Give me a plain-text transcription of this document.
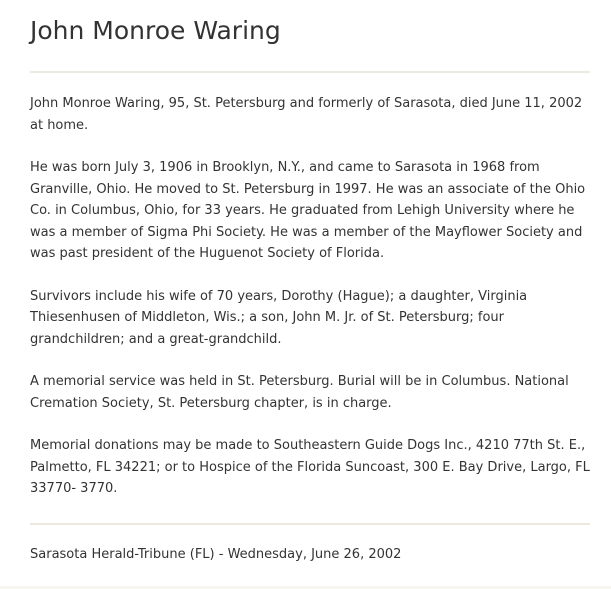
John Monroe Waring

John Monroe Waring, 95, St. Petersburg and formerly of Sarasota, died June 11, 2002 at home.

He was born July 3, 1906 in Brooklyn, N.Y., and came to Sarasota in 1968 from Granville, Ohio. He moved to St. Petersburg in 1997. He was an associate of the Ohio Co. in Columbus, Ohio, for 33 years. He graduated from Lehigh University where he was a member of Sigma Phi Society. He was a member of the Mayflower Society and was past president of the Huguenot Society of Florida.

Survivors include his wife of 70 years, Dorothy (Hague); a daughter, Virginia Thiesenhusen of Middleton, Wis.; a son, John M. Jr. of St. Petersburg; four grandchildren; and a great-grandchild.

A memorial service was held in St. Petersburg. Burial will be in Columbus. National Cremation Society, St. Petersburg chapter, is in charge.

Memorial donations may be made to Southeastern Guide Dogs Inc., 4210 77th St. E., Palmetto, FL 34221; or to Hospice of the Florida Suncoast, 300 E. Bay Drive, Largo, FL 33770- 3770.

Sarasota Herald-Tribune (FL) - Wednesday, June 26, 2002
